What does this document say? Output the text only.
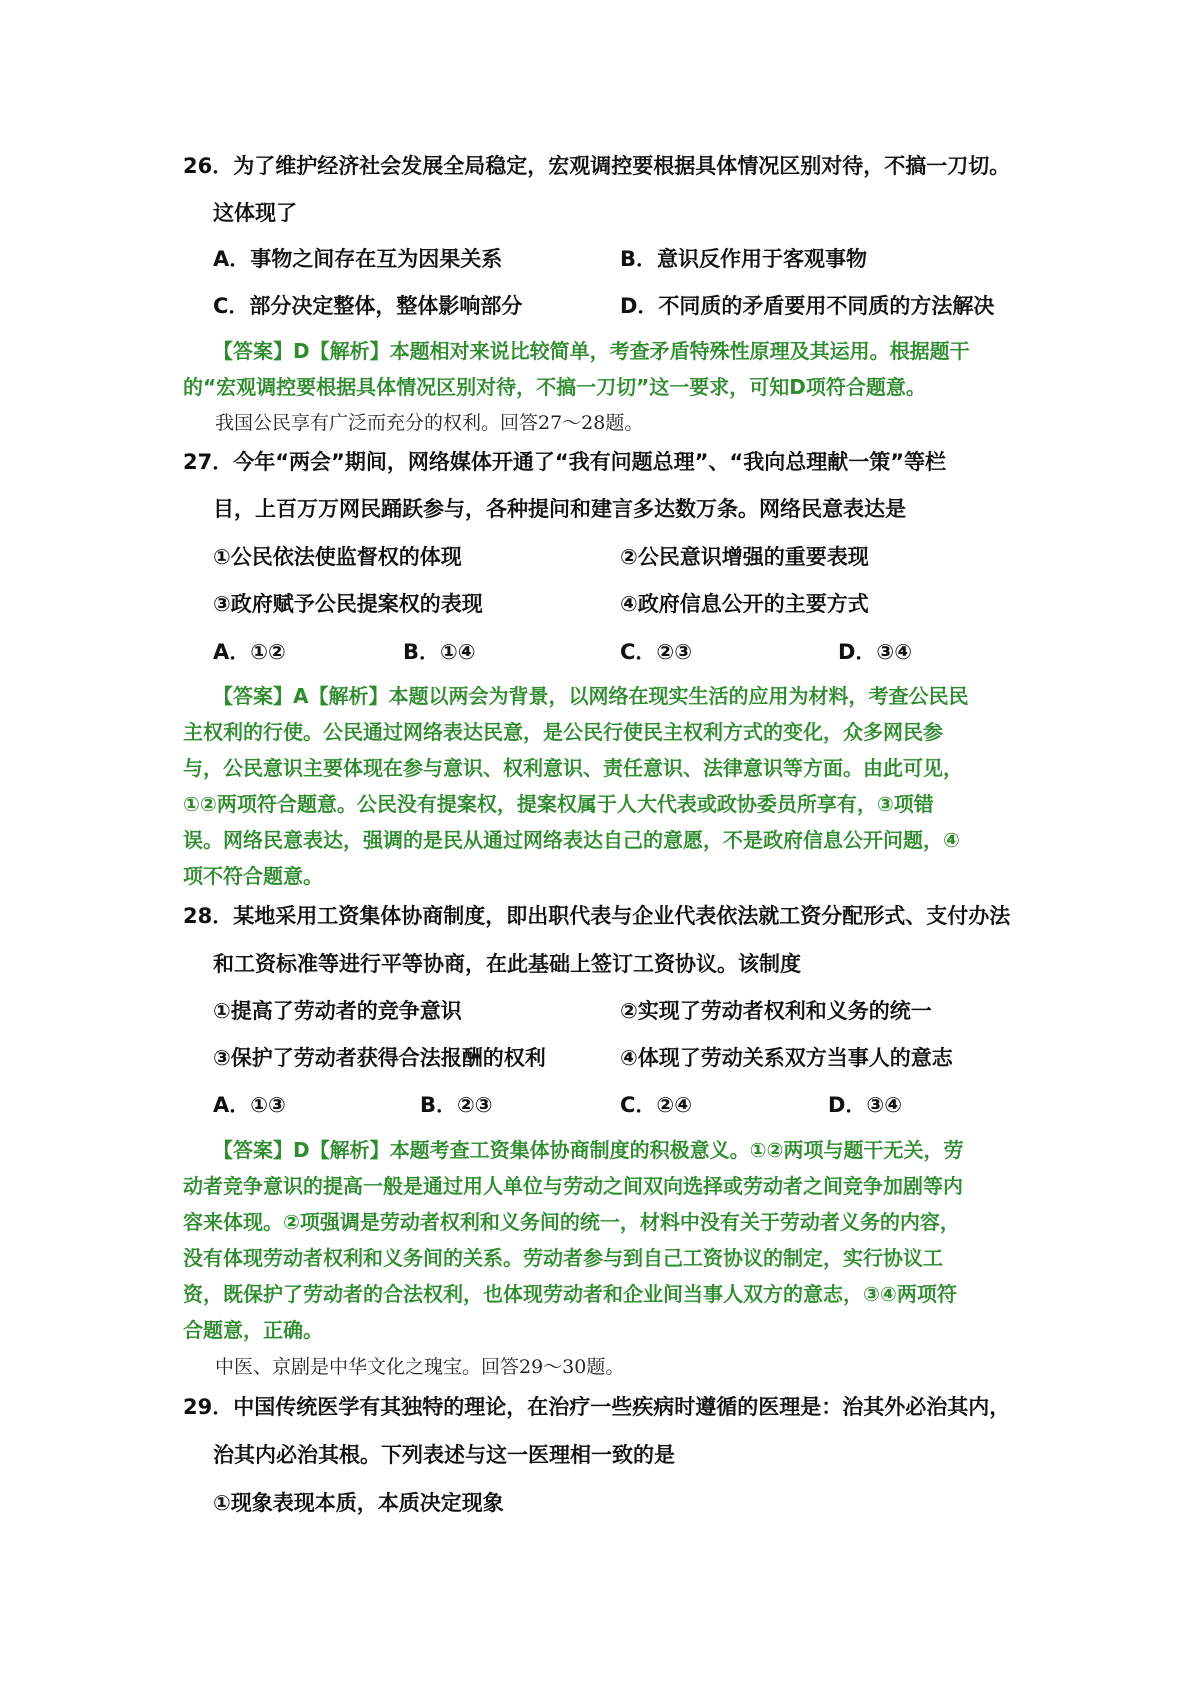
26．为了维护经济社会发展全局稳定，宏观调控要根据具体情况区别对待，不搞一刀切。
这体现了
A．事物之间存在互为因果关系	B．意识反作用于客观事物
C．部分决定整体，整体影响部分	D．不同质的矛盾要用不同质的方法解决
【答案】D【解析】本题相对来说比较简单，考查矛盾特殊性原理及其运用。根据题干
的“宏观调控要根据具体情况区别对待，不搞一刀切”这一要求，可知D项符合题意。
我国公民享有广泛而充分的权利。回答27～28题。
27．今年“两会”期间，网络媒体开通了“我有问题总理”、“我向总理献一策”等栏
目，上百万万网民踊跃参与，各种提问和建言多达数万条。网络民意表达是
①公民依法使监督权的体现	②公民意识增强的重要表现
③政府赋予公民提案权的表现	④政府信息公开的主要方式
A．①②	B．①④	C．②③	D．③④
【答案】A【解析】本题以两会为背景，以网络在现实生活的应用为材料，考查公民民
主权利的行使。公民通过网络表达民意，是公民行使民主权利方式的变化，众多网民参
与，公民意识主要体现在参与意识、权利意识、责任意识、法律意识等方面。由此可见，
①②两项符合题意。公民没有提案权，提案权属于人大代表或政协委员所享有，③项错
误。网络民意表达，强调的是民从通过网络表达自己的意愿，不是政府信息公开问题，④
项不符合题意。
28．某地采用工资集体协商制度，即出职代表与企业代表依法就工资分配形式、支付办法
和工资标准等进行平等协商，在此基础上签订工资协议。该制度
①提高了劳动者的竞争意识	②实现了劳动者权利和义务的统一
③保护了劳动者获得合法报酬的权利	④体现了劳动关系双方当事人的意志
A．①③	B．②③	C．②④	D．③④
【答案】D【解析】本题考查工资集体协商制度的积极意义。①②两项与题干无关，劳
动者竞争意识的提高一般是通过用人单位与劳动之间双向选择或劳动者之间竞争加剧等内
容来体现。②项强调是劳动者权利和义务间的统一，材料中没有关于劳动者义务的内容，
没有体现劳动者权利和义务间的关系。劳动者参与到自己工资协议的制定，实行协议工
资，既保护了劳动者的合法权利，也体现劳动者和企业间当事人双方的意志，③④两项符
合题意，正确。
中医、京剧是中华文化之瑰宝。回答29～30题。
29．中国传统医学有其独特的理论，在治疗一些疾病时遵循的医理是：治其外必治其内，
治其内必治其根。下列表述与这一医理相一致的是
①现象表现本质，本质决定现象
